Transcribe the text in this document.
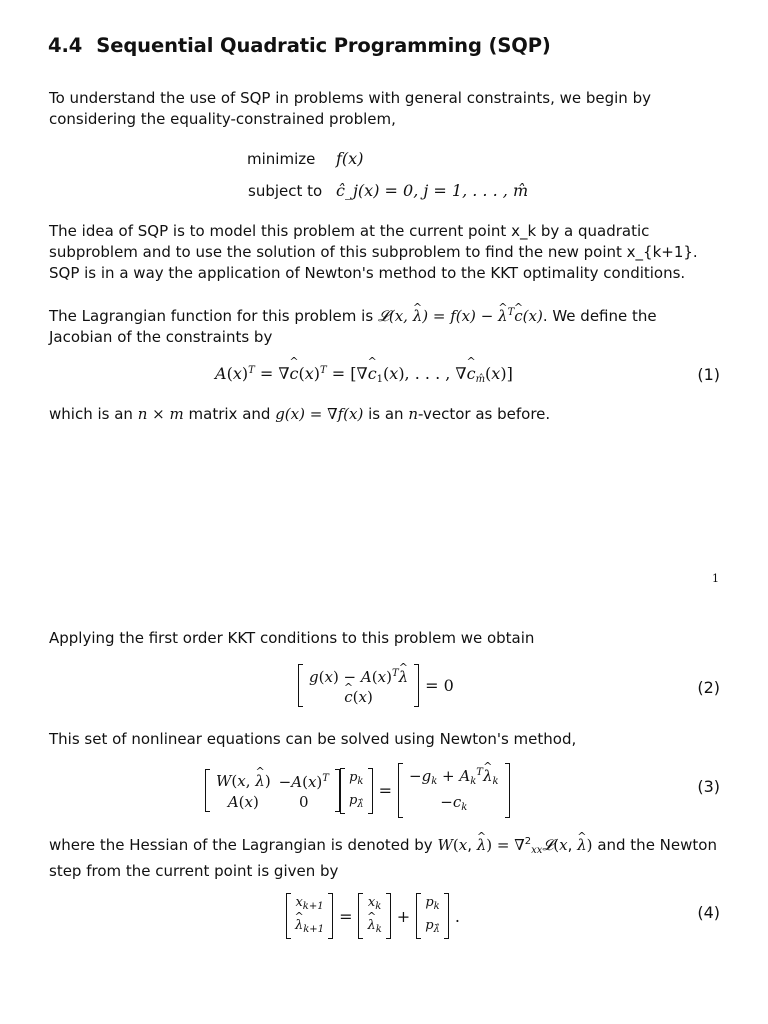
4.4 Sequential Quadratic Programming (SQP)
To understand the use of SQP in problems with general constraints, we begin by considering the equality-constrained problem,
minimize f(x)
subject to ĉ_j(x) = 0, j = 1, . . . , m̂
The idea of SQP is to model this problem at the current point x_k by a quadratic subproblem and to use the solution of this subproblem to find the new point x_{k+1}. SQP is in a way the application of Newton's method to the KKT optimality conditions.
The Lagrangian function for this problem is 𝓛(x, λ ^) = f(x) − λ ^$^T$c ^(x). We define the Jacobian of the constraints by
$A(x)^T = \nabla c$ $\^{}(x)^T = [\nabla c$ $\^{}_1(x)$, . . . , ∇c $\^{}_{m̂}(x)$]	(1)
which is an n × m matrix and g(x) = ∇f(x) is an n-vector as before.
1
Applying the first order KKT conditions to this problem we obtain
$g(x) - A(x)^T\lambda$ ^
c ^(x)
= 0	(2)
This set of nonlinear equations can be solved using Newton's method,
W(x, λ ^)	$-A(x)^T$
A(x)	0
$p_k$
$p_{\lambdâ}$
=
$-g_k + A_k^T\lambda$ $\^{}_k$
$-c_k$
(3)
where the Hessian of the Lagrangian is denoted by W(x, λ ^) = ∇$^2_{xx}$𝓛(x, λ ^) and the Newton step from the current point is given by
$x_{k+1}$
λ $\^{}_{k+1}$
=
$x_k$
λ $\^{}_k$
+
$p_k$
$p_{\lambdâ}$
.	(4)
